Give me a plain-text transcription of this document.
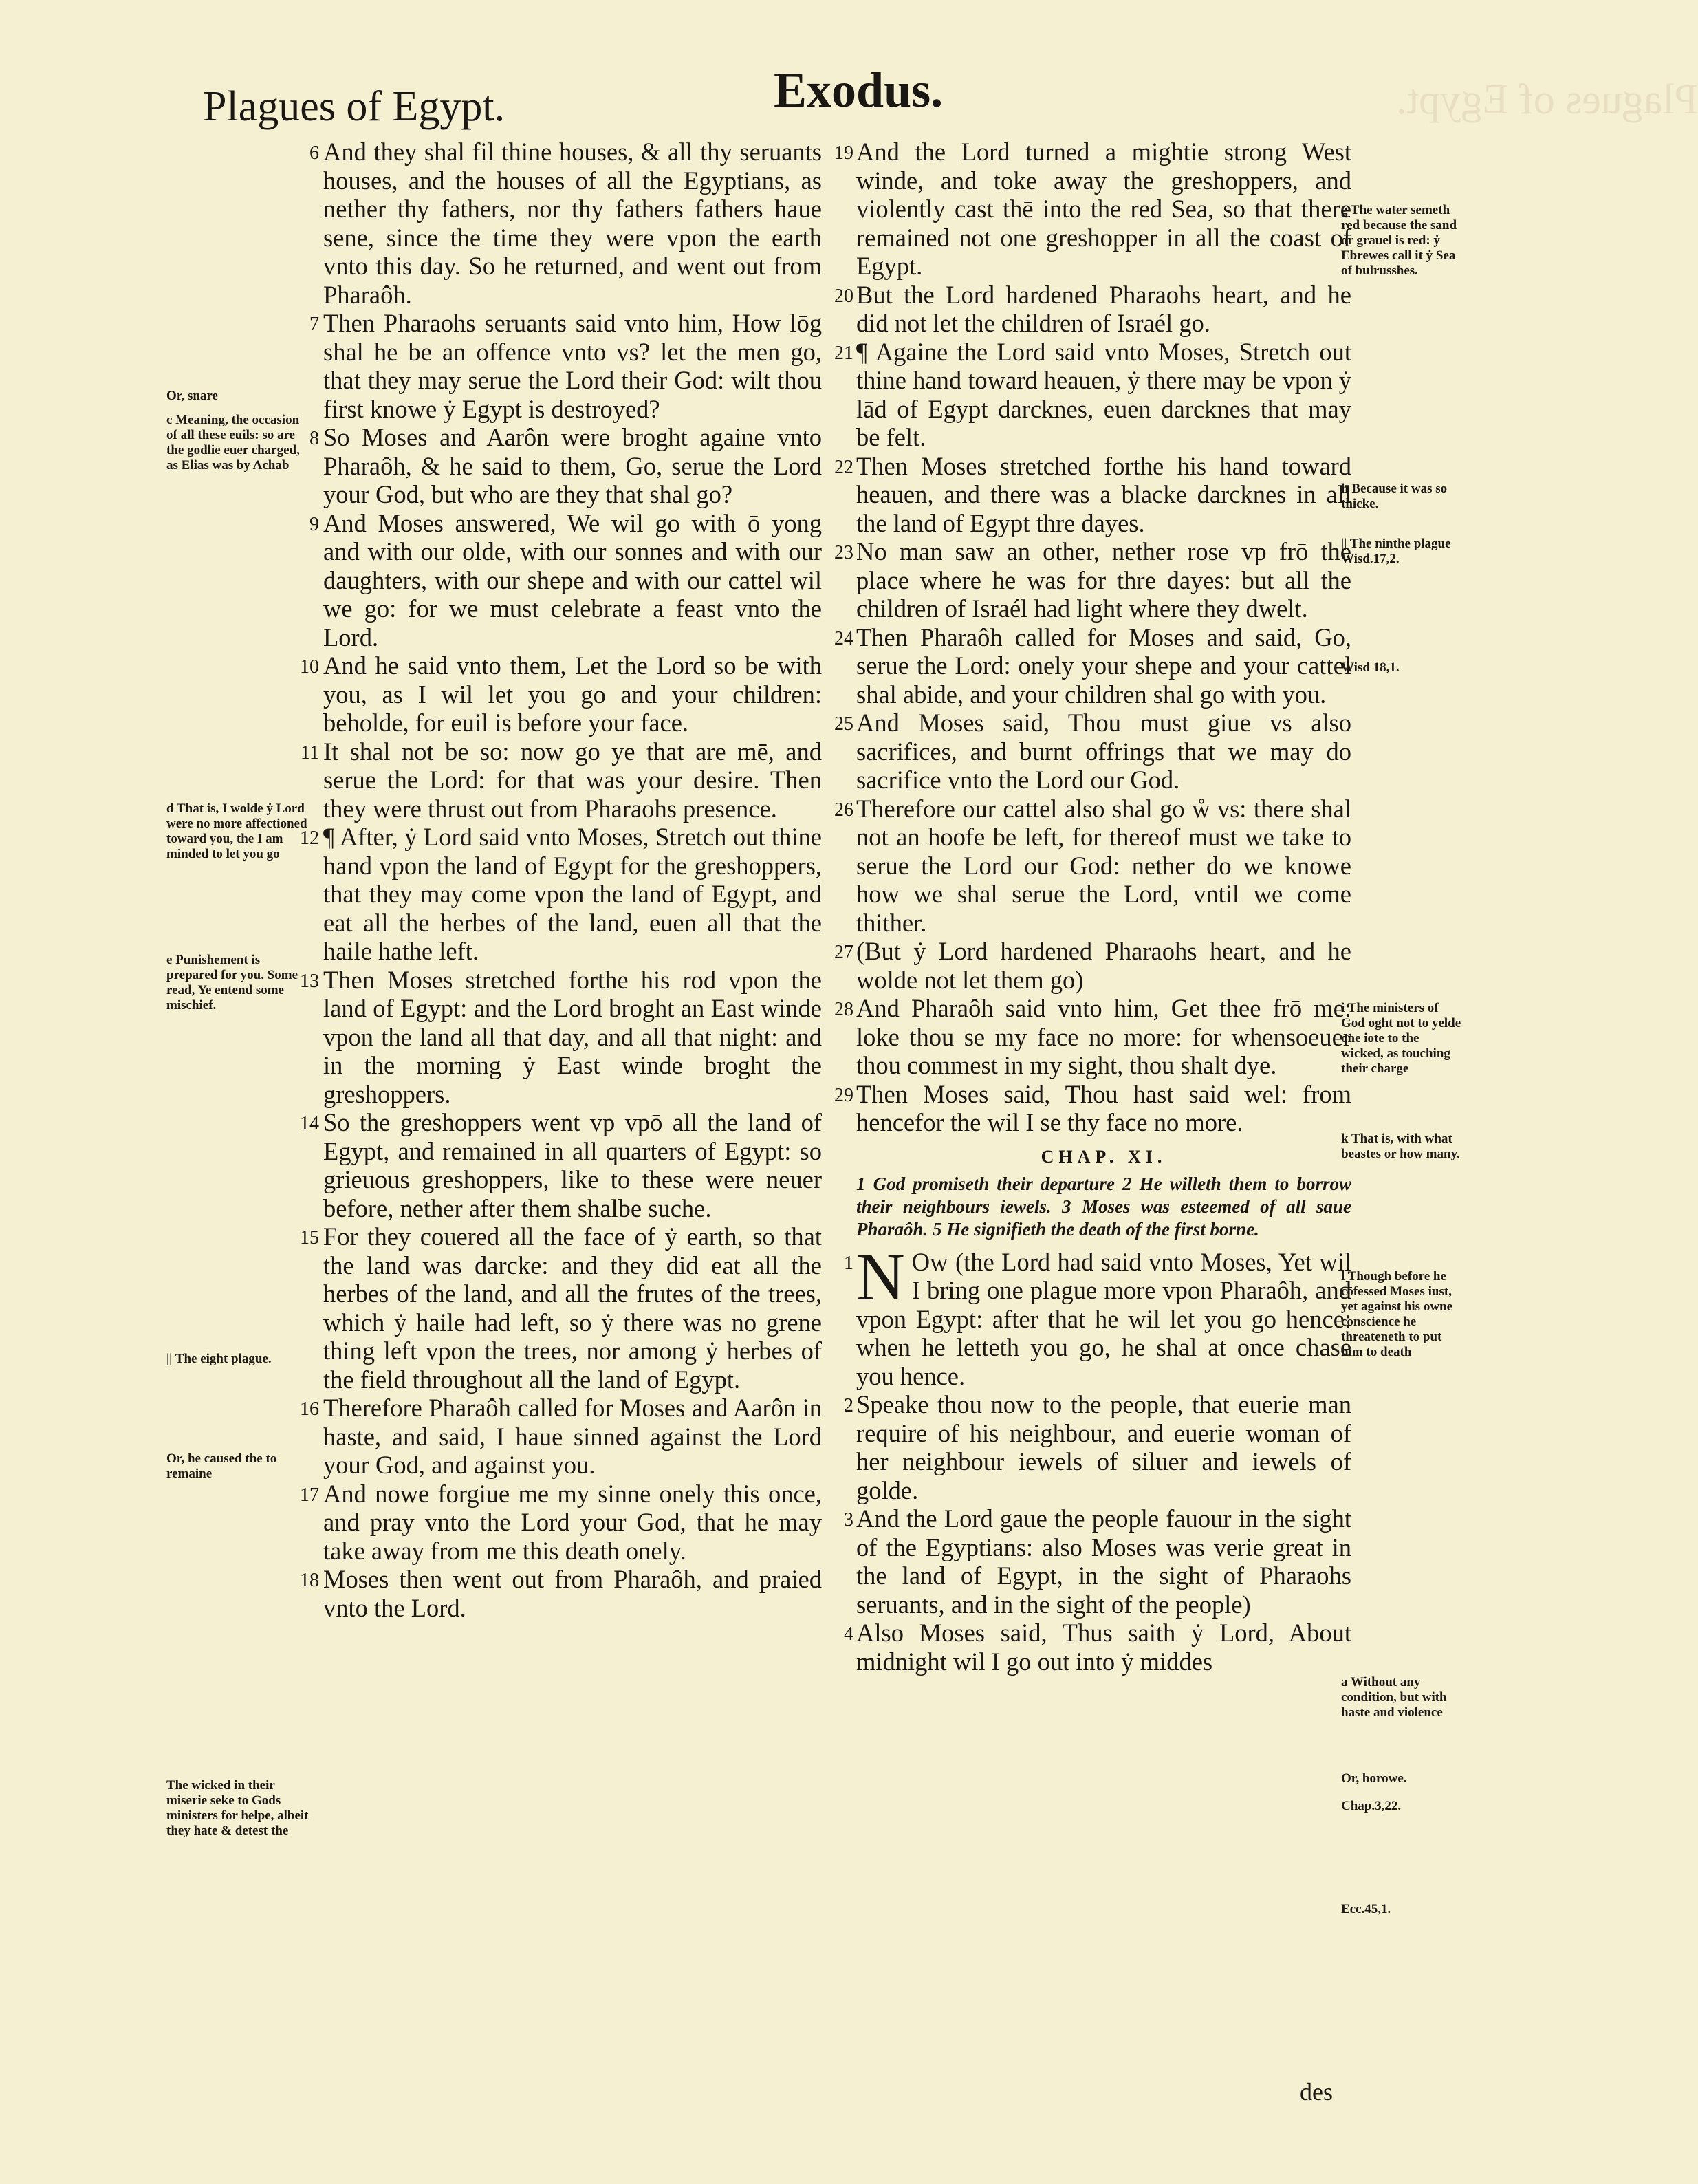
Plagues of Egypt.
Plagues of Egypt.	Exodus.
6 And they shal fil thine houses, & all thy seruants houses, and the houses of all the Egyptians, as nether thy fathers, nor thy fathers fathers haue sene, since the time they were vpon the earth vnto this day. So he returned, and went out from Pharaôh.
7 Then Pharaohs seruants said vnto him, How lōg shal he be an offence vnto vs? let the men go, that they may serue the Lord their God: wilt thou first knowe ẏ Egypt is destroyed?
8 So Moses and Aarôn were broght againe vnto Pharaôh, & he said to them, Go, serue the Lord your God, but who are they that shal go?
9 And Moses answered, We wil go with ō yong and with our olde, with our sonnes and with our daughters, with our shepe and with our cattel wil we go: for we must celebrate a feast vnto the Lord.
10 And he said vnto them, Let the Lord so be with you, as I wil let you go and your children: beholde, for euil is before your face.
11 It shal not be so: now go ye that are mē, and serue the Lord: for that was your desire. Then they were thrust out from Pharaohs presence.
12 ¶ After, ẏ Lord said vnto Moses, Stretch out thine hand vpon the land of Egypt for the greshoppers, that they may come vpon the land of Egypt, and eat all the herbes of the land, euen all that the haile hathe left.
13 Then Moses stretched forthe his rod vpon the land of Egypt: and the Lord broght an East winde vpon the land all that day, and all that night: and in the morning ẏ East winde broght the greshoppers.
14 So the greshoppers went vp vpō all the land of Egypt, and remained in all quarters of Egypt: so grieuous greshoppers, like to these were neuer before, nether after them shalbe suche.
15 For they couered all the face of ẏ earth, so that the land was darcke: and they did eat all the herbes of the land, and all the frutes of the trees, which ẏ haile had left, so ẏ there was no grene thing left vpon the trees, nor among ẏ herbes of the field throughout all the land of Egypt.
16 Therefore Pharaôh called for Moses and Aarôn in haste, and said, I haue sinned against the Lord your God, and against you.
17 And nowe forgiue me my sinne onely this once, and pray vnto the Lord your God, that he may take away from me this death onely.
18 Moses then went out from Pharaôh, and praied vnto the Lord.
19 And the Lord turned a mightie strong West winde, and toke away the greshoppers, and violently cast thē into the red Sea, so that there remained not one greshopper in all the coast of Egypt.
20 But the Lord hardened Pharaohs heart, and he did not let the children of Israél go.
21 ¶ Againe the Lord said vnto Moses, Stretch out thine hand toward heauen, ẏ there may be vpon ẏ lād of Egypt darcknes, euen darcknes that may be felt.
22 Then Moses stretched forthe his hand toward heauen, and there was a blacke darcknes in all the land of Egypt thre dayes.
23 No man saw an other, nether rose vp frō the place where he was for thre dayes: but all the children of Israél had light where they dwelt.
24 Then Pharaôh called for Moses and said, Go, serue the Lord: onely your shepe and your cattel shal abide, and your children shal go with you.
25 And Moses said, Thou must giue vs also sacrifices, and burnt offrings that we may do sacrifice vnto the Lord our God.
26 Therefore our cattel also shal go ẘ vs: there shal not an hoofe be left, for thereof must we take to serue the Lord our God: nether do we knowe how we shal serue the Lord, vntil we come thither.
27 (But ẏ Lord hardened Pharaohs heart, and he wolde not let them go)
28 And Pharaôh said vnto him, Get thee frō me: loke thou se my face no more: for whensoeuer thou commest in my sight, thou shalt dye.
29 Then Moses said, Thou hast said wel: from hencefor the wil I se thy face no more.
CHAP. XI.
1 God promiseth their departure 2 He willeth them to borrow their neighbours iewels. 3 Moses was esteemed of all saue Pharaôh. 5 He signifieth the death of the first borne.
1 N Ow (the Lord had said vnto Moses, Yet wil I bring one plague more vpon Pharaôh, and vpon Egypt: after that he wil let you go hence: when he letteth you go, he shal at once chase you hence.
2 Speake thou now to the people, that euerie man require of his neighbour, and euerie woman of her neighbour iewels of siluer and iewels of golde.
3 And the Lord gaue the people fauour in the sight of the Egyptians: also Moses was verie great in the land of Egypt, in the sight of Pharaohs seruants, and in the sight of the people)
4 Also Moses said, Thus saith ẏ Lord, About midnight wil I go out into ẏ middes
Or, snare
c Meaning, the occasion of all these euils: so are the godlie euer charged, as Elias was by Achab
d That is, I wolde ẏ Lord were no more affectioned toward you, the I am minded to let you go
e Punishement is prepared for you. Some read, Ye entend some mischief.
|| The eight plague.
Or, he caused the to remaine
The wicked in their miserie seke to Gods ministers for helpe, albeit they hate & detest the
g The water semeth red because the sand or grauel is red: ẏ Ebrewes call it ẏ Sea of bulrusshes.
h Because it was so thicke.
|| The ninthe plague Wisd.17,2.
Wisd 18,1.
i The ministers of God oght not to yelde one iote to the wicked, as touching their charge
k That is, with what beastes or how many.
l Though before he cōfessed Moses iust, yet against his owne conscience he threateneth to put him to death
a Without any condition, but with haste and violence
Or, borowe.
Chap.3,22.
Ecc.45,1.
des
